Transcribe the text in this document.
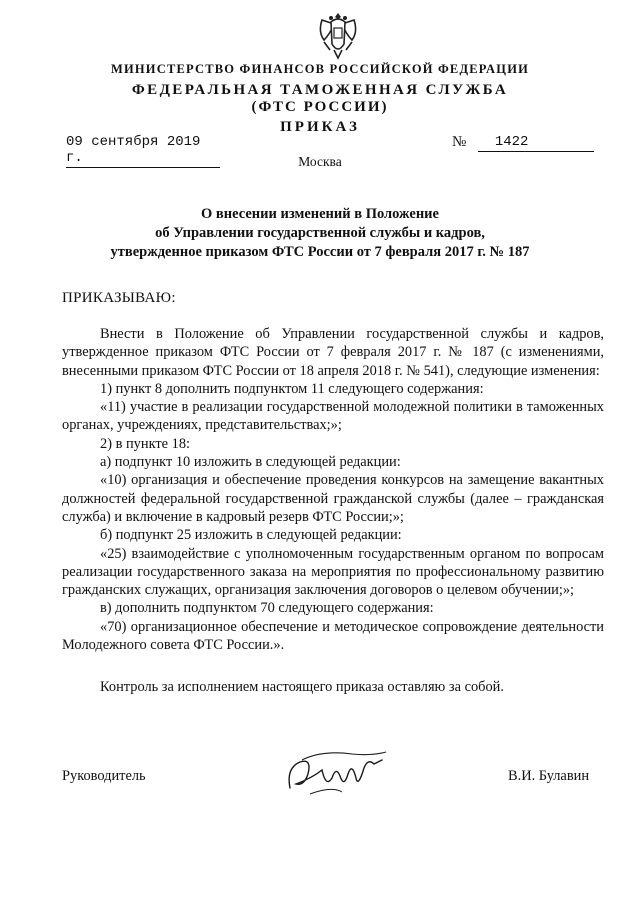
МИНИСТЕРСТВО ФИНАНСОВ РОССИЙСКОЙ ФЕДЕРАЦИИ
ФЕДЕРАЛЬНАЯ ТАМОЖЕННАЯ СЛУЖБА
(ФТС РОССИИ)
ПРИКАЗ
09 сентября 2019 г.
№	1422
Москва
О внесении изменений в Положение
об Управлении государственной службы и кадров,
утвержденное приказом ФТС России от 7 февраля 2017 г. № 187
ПРИКАЗЫВАЮ:

Внести в Положение об Управлении государственной службы и кадров, утвержденное приказом ФТС России от 7 февраля 2017 г. № 187 (с изменениями, внесенными приказом ФТС России от 18 апреля 2018 г. № 541), следующие изменения:

1) пункт 8 дополнить подпунктом 11 следующего содержания:

«11) участие в реализации государственной молодежной политики в таможенных органах, учреждениях, представительствах;»;

2) в пункте 18:

а) подпункт 10 изложить в следующей редакции:

«10) организация и обеспечение проведения конкурсов на замещение вакантных должностей федеральной государственной гражданской службы (далее – гражданская служба) и включение в кадровый резерв ФТС России;»;

б) подпункт 25 изложить в следующей редакции:

«25) взаимодействие с уполномоченным государственным органом по вопросам реализации государственного заказа на мероприятия по профессиональному развитию гражданских служащих, организация заключения договоров о целевом обучении;»;

в) дополнить подпунктом 70 следующего содержания:

«70) организационное обеспечение и методическое сопровождение деятельности Молодежного совета ФТС России.».

Контроль за исполнением настоящего приказа оставляю за собой.

Руководитель	В.И. Булавин
